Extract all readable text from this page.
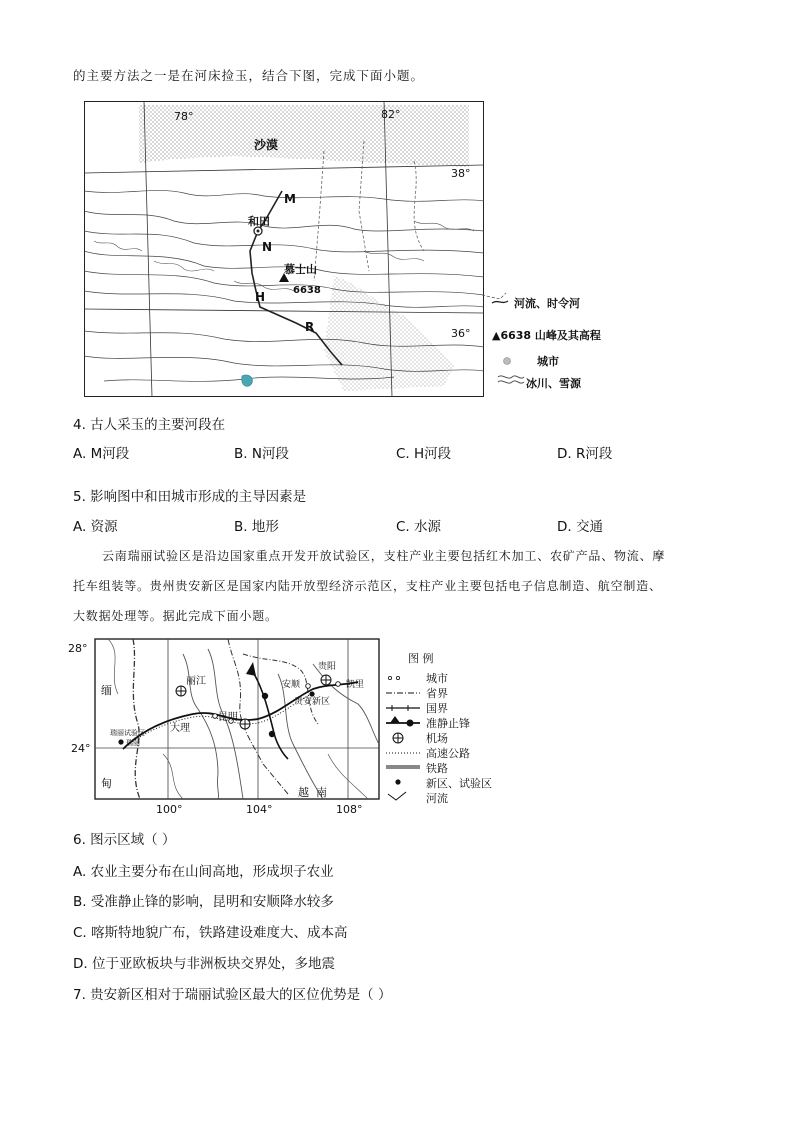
的主要方法之一是在河床捡玉，结合下图，完成下面小题。
78°	82°
38°
36°
沙漠
和田
慕士山
6638
M
N
H
R
河流、时令河
▲6638 山峰及其高程
城市
冰川、雪源
4. 古人采玉的主要河段在
A. M河段	B. N河段	C. H河段	D. R河段
5. 影响图中和田城市形成的主导因素是
A. 资源	B. 地形	C. 水源	D. 交通
云南瑞丽试验区是沿边国家重点开发开放试验区，支柱产业主要包括红木加工、农矿产品、物流、摩
托车组装等。贵州贵安新区是国家内陆开放型经济示范区，支柱产业主要包括电子信息制造、航空制造、
大数据处理等。据此完成下面小题。
28°
24°
100°	104°	108°
缅
甸
丽江
大理
昆明
瑞丽试验区
瑞丽
安顺
贵阳
凯里
贵安新区
越 南
图 例
城市
省界
国界
准静止锋
机场
高速公路
铁路
新区、试验区
河流
6. 图示区域（ ）
A. 农业主要分布在山间高地，形成坝子农业
B. 受准静止锋的影响，昆明和安顺降水较多
C. 喀斯特地貌广布，铁路建设难度大、成本高
D. 位于亚欧板块与非洲板块交界处，多地震
7. 贵安新区相对于瑞丽试验区最大的区位优势是（ ）
